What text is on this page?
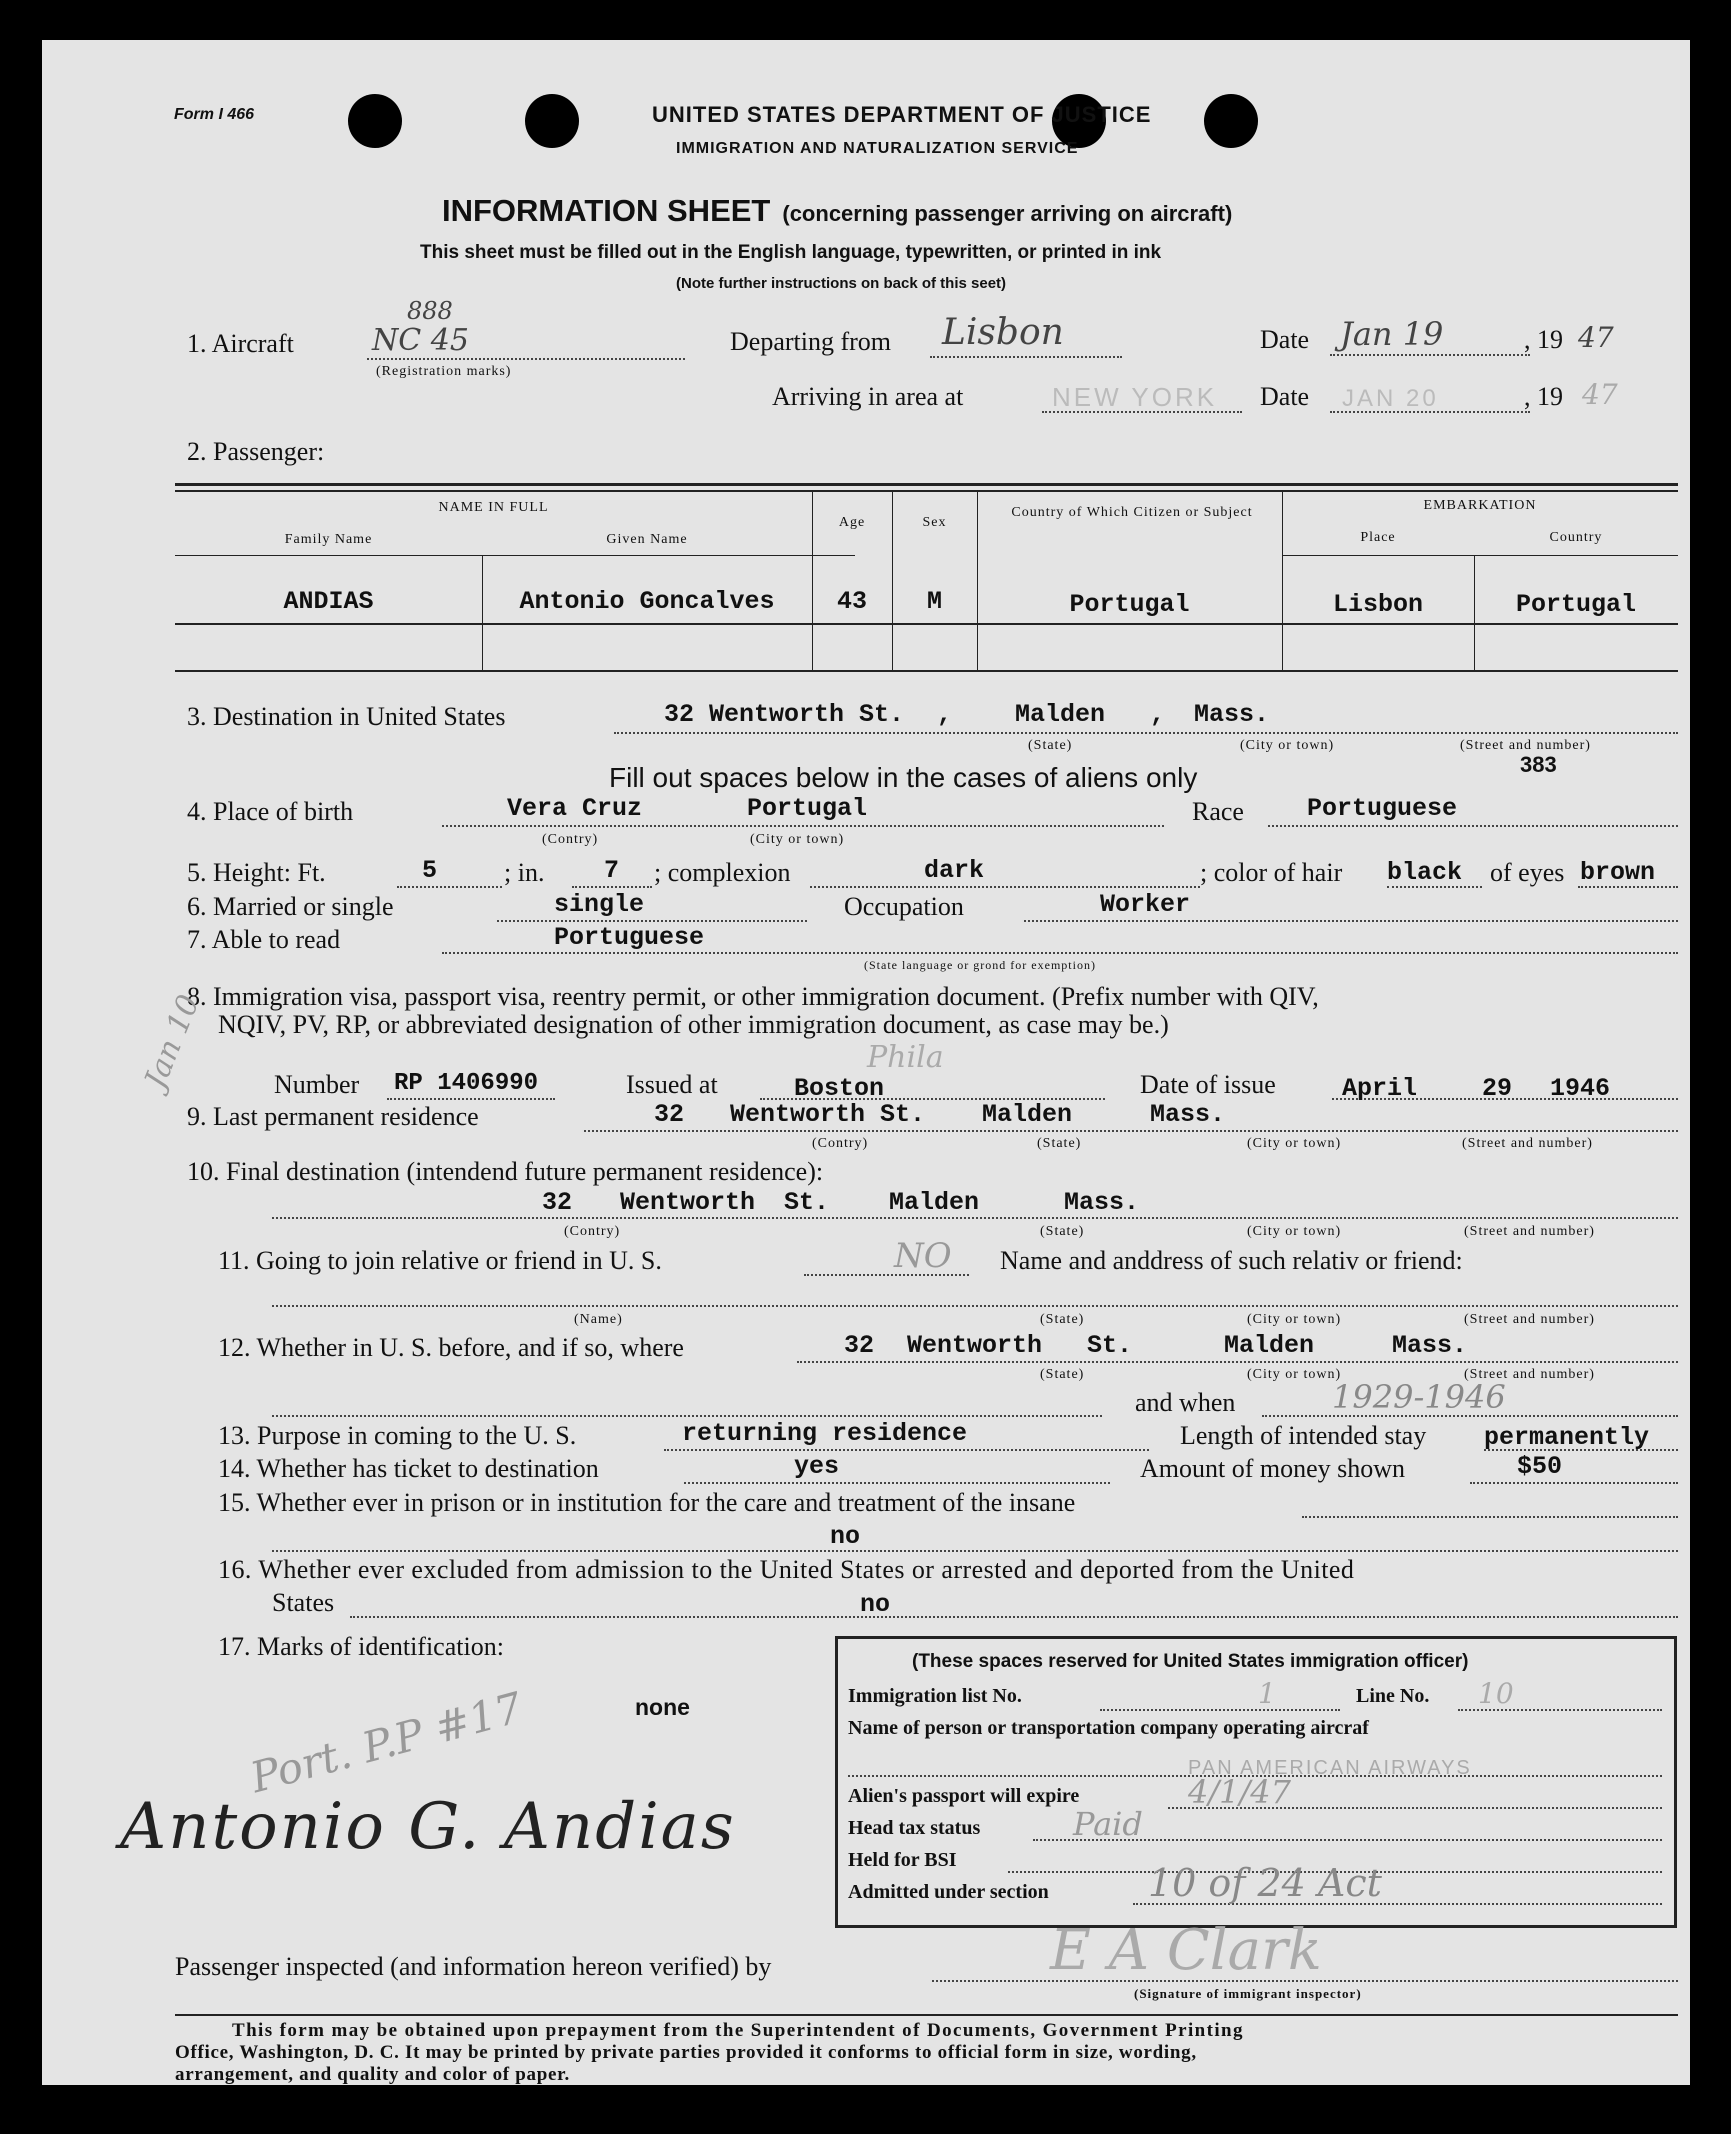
Form I 466	UNITED STATES DEPARTMENT OF JUSTICE
IMMIGRATION AND NATURALIZATION SERVICE
INFORMATION SHEET (concerning passenger arriving on aircraft)
This sheet must be filled out in the English language, typewritten, or printed in ink
(Note further instructions on back of this seet)
1. Aircraft	NC 45
888
(Registration marks)
Departing from Lisbon	Date Jan 19	, 19 47
Arriving in area at	NEW YORK Date JAN 20	, 19 47
2. Passenger:
NAME IN FULL
Family Name	Given Name
Age	Sex
Country of Which Citizen or Subject	EMBARKATION
Place	Country
ANDIAS	Antonio Goncalves	43	M	Portugal	Lisbon	Portugal
3. Destination in United States	32 Wentworth St. ,	Malden , Mass.
(State)	(City or town)	(Street and number)
383
Fill out spaces below in the cases of aliens only
4. Place of birth	Vera Cruz	Portugal
(Contry)	(City or town)
Race	Portuguese
5. Height: Ft.	5	; in. 7 ; complexion	dark	; color of hair black of eyes brown
6. Married or single	single	Occupation	Worker
7. Able to read	Portuguese
(State language or grond for exemption)
8. Immigration visa, passport visa, reentry permit, or other immigration document. (Prefix number with QIV,
NQIV, PV, RP, or abbreviated designation of other immigration document, as case may be.)
Jan 10	Number RP 1406990	Issued at	Boston
Phila
Date of issue	April	29 1946
9. Last permanent residence	32 Wentworth St. Malden	Mass.
(Contry)	(State)	(City or town)	(Street and number)
10. Final destination (intendend future permanent residence):
32 Wentworth St. Malden	Mass.
(Contry)	(State)	(City or town)	(Street and number)
11. Going to join relative or friend in U. S.	NO Name and anddress of such relativ or friend:
(Name)	(State)	(City or town)	(Street and number)
12. Whether in U. S. before, and if so, where	32 Wentworth St.	Malden	Mass.
(State)	(City or town)	(Street and number)
and when	1929-1946
13. Purpose in coming to the U. S.	returning residence	Length of intended stay permanently
14. Whether has ticket to destination	yes	Amount of money shown	$50
15. Whether ever in prison or in institution for the care and treatment of the insane
no
16. Whether ever excluded from admission to the United States or arrested and deported from the United
States	no
17. Marks of identification:
none
Port. P.P #17
Antonio G. Andias
(These spaces reserved for United States immigration officer)
Immigration list No.	1	Line No. 10
Name of person or transportation company operating aircraf
PAN AMERICAN AIRWAYS
Alien's passport will expire	4/1/47
Head tax status	Paid
Held for BSI
Admitted under section	10 of 24 Act
Passenger inspected (and information hereon verified) by	E A Clark
(Signature of immigrant inspector)
This form may be obtained upon prepayment from the Superintendent of Documents, Government Printing
Office, Washington, D. C. It may be printed by private parties provided it conforms to official form in size, wording,
arrangement, and quality and color of paper.
